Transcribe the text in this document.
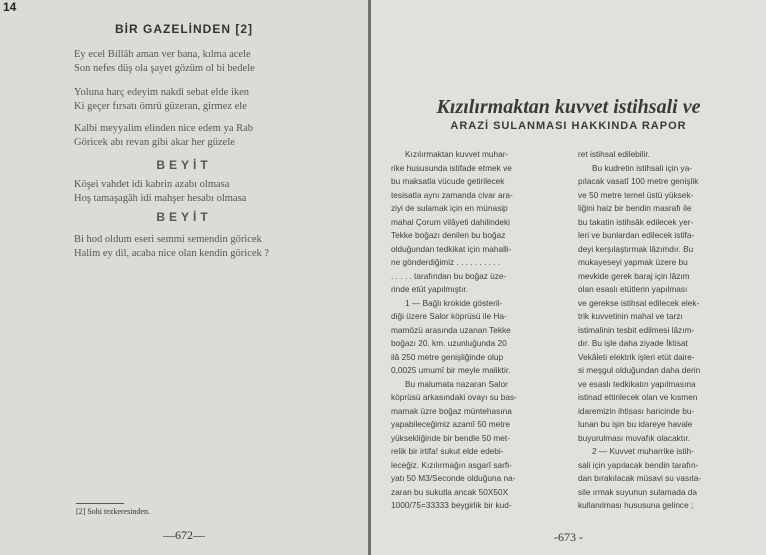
14
BİR GAZELİNDEN [2]
Ey ecel Billâh aman ver bana, kılma acele
Son nefes düş ola şayet gözüm ol bi bedele
Yoluna harç edeyim nakdi sebat elde iken
Ki geçer fırsatı ömrü güzeran, girmez ele
Kalbi meyyalim elinden nice edem ya Rab
Göricek abı revan gibi akar her güzele
BEYİT
Köşei vahdet idi kabrin azabı olmasa
Hoş tamaşagâh idi mahşer hesabı olmasa
BEYİT
Bi hod oldum eseri semmi semendin göricek
Halim ey dil, acaba nice olan kendin göricek ?
[2] Sohi tezkeresinden.
—672—
Kızılırmaktan kuvvet istihsali ve
ARAZİ SULANMASI HAKKINDA RAPOR
Kızılırmaktan kuvvet muhar-
rike hususunda istifade etmek ve
bu maksatla vücude getirilecek
tesisatla aynı zamanda civar ara-
ziyi de sulamak için en münasip
mahal Çorum vilâyeti dahilindeki
Tekke boğazı denilen bu boğaz
olduğundan tedkikat için mahalli-
ne gönderdiğimiz . . . . . . . . . .
. . . . . tarafından bu boğaz üze-
rinde etüt yapılmıştır.
1 — Bağlı krokide gösteril-
diği üzere Salor köprüsü ile Ha-
mamözü arasında uzanan Tekke
boğazı 20. km. uzunluğunda 20
ilâ 250 metre genişliğinde olup
0,0025 umumî bir meyle maliktir.
Bu malumata nazaran Salor
köprüsü arkasındaki ovayı su bas-
mamak üzre boğaz müntehasına
yapabileceğimiz azamî 50 metre
yüksekliğinde bir bendle 50 met-
relik bir irtifa! sukut elde edebi-
leceğiz. Kızılırmağın asgarî sarfi-
yatı 50 M3/Seconde olduğuna na-
zaran bu sukutla ancak 50X50X
1000/75=33333 beygirlik bir kud-
ret istihsal edilebilir.
Bu kudretin istihsali için ya-
pılacak vasatî 100 metre genişlik
ve 50 metre temel üstü yüksek-
liğini haiz bir bendin masrafı ile
bu takatin istihsâk edilecek yer-
leri ve bunlardan edilecek istifa-
deyi kerşılaştırmak lâzımdır. Bu
mukayeseyi yapmak üzere bu
mevkide gerek baraj için lâzım
olan esaslı etütlerin yapılması
ve gerekse istihsal edilecek elek-
trik kuvvetinin mahal ve tarzı
istimalinin tesbit edilmesi lâzım-
dır. Bu işle daha ziyade İktisat
Vekâleti elektrik işleri etüt daire-
si meşgul olduğundan daha derin
ve esaslı tedkikatın yapılmasına
istinad ettirilecek olan ve kısmen
idaremizin ihtisası haricinde bu-
lunan bu işin bu idareye havale
buyurulması muvafık olacaktır.
2 — Kuvvet muharrike istih-
sali için yapılacak bendin tarafın-
dan bırakılacak müsavi su vasıta-
sile ırmak suyunun sulamada da
kullanılması hususuna gelince ;
-673 -
